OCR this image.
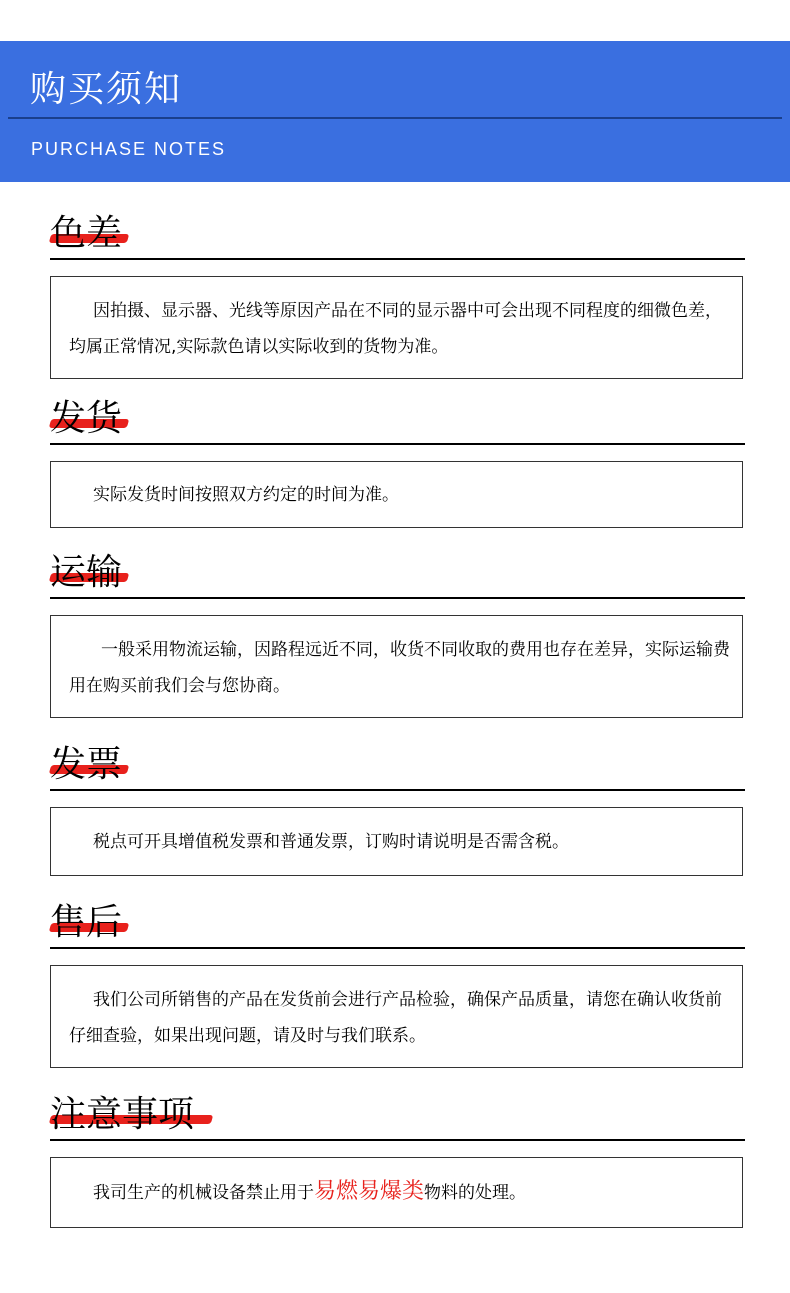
购买须知
PURCHASE NOTES
色差

因拍摄、显示器、光线等原因产品在不同的显示器中可会出现不同程度的细微色差，均属正常情况,实际款色请以实际收到的货物为准。

发货

实际发货时间按照双方约定的时间为准。

运输

一般采用物流运输，因路程远近不同，收货不同收取的费用也存在差异，实际运输费用在购买前我们会与您协商。

发票

税点可开具增值税发票和普通发票，订购时请说明是否需含税。

售后

我们公司所销售的产品在发货前会进行产品检验，确保产品质量，请您在确认收货前仔细查验，如果出现问题，请及时与我们联系。

注意事项

我司生产的机械设备禁止用于易燃易爆类物料的处理。
